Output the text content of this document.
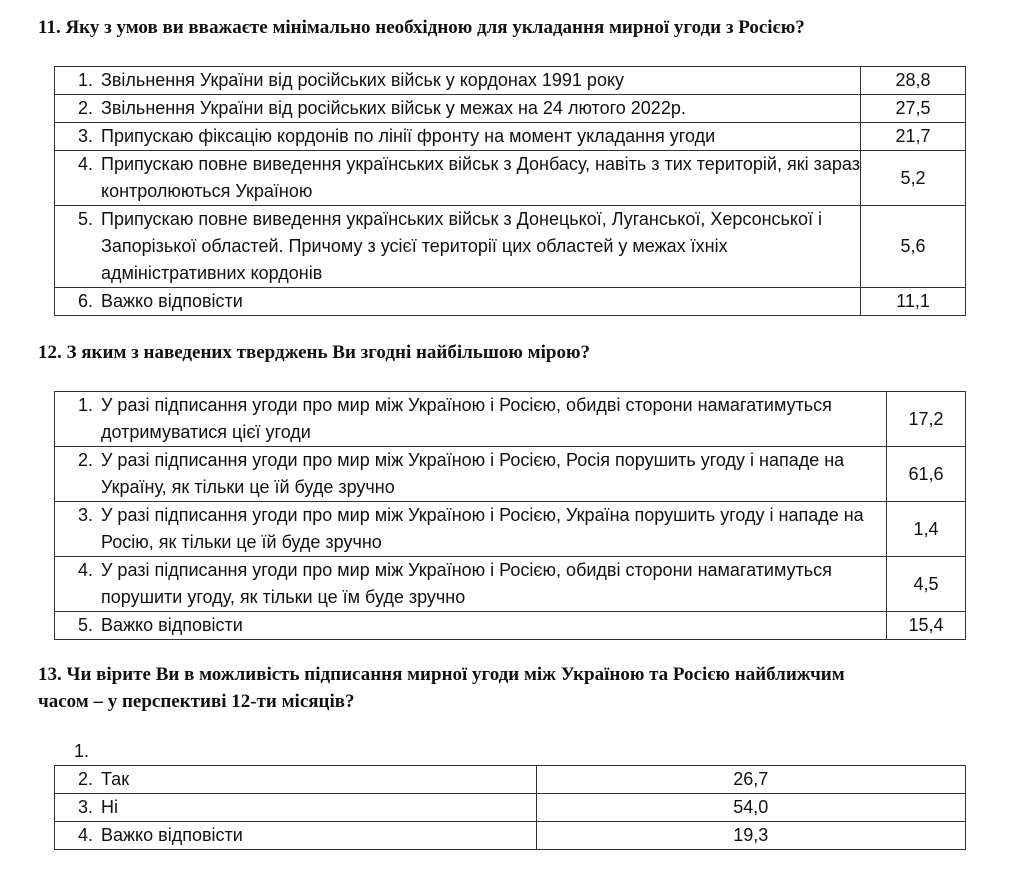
11. Яку з умов ви вважаєте мінімально необхідною для укладання мирної угоди з Росією?

1. Звільнення України від російських військ у кордонах 1991 року	28,8

2. Звільнення України від російських військ у межах на 24 лютого 2022р.	27,5

3. Припускаю фіксацію кордонів по лінії фронту на момент укладання угоди	21,7

4. Припускаю повне виведення українських військ з Донбасу, навіть з тих територій, які зараз контролюються Україною	5,2

5. Припускаю повне виведення українських військ з Донецької, Луганської, Херсонської і Запорізької областей. Причому з усієї території цих областей у межах їхніх адміністративних кордонів	5,6

6. Важко відповісти	11,1

12. З яким з наведених тверджень Ви згодні найбільшою мірою?

1. У разі підписання угоди про мир між Україною і Росією, обидві сторони намагатимуться дотримуватися цієї угоди	17,2

2. У разі підписання угоди про мир між Україною і Росією, Росія порушить угоду і нападе на Україну, як тільки це їй буде зручно	61,6

3. У разі підписання угоди про мир між Україною і Росією, Україна порушить угоду і нападе на Росію, як тільки це їй буде зручно	1,4

4. У разі підписання угоди про мир між Україною і Росією, обидві сторони намагатимуться порушити угоду, як тільки це їм буде зручно	4,5

5. Важко відповісти	15,4

13. Чи вірите Ви в можливість підписання мирної угоди між Україною та Росією найближчим

часом – у перспективі 12-ти місяців?

1.
2. Так	26,7

3. Ні	54,0

4. Важко відповісти	19,3
